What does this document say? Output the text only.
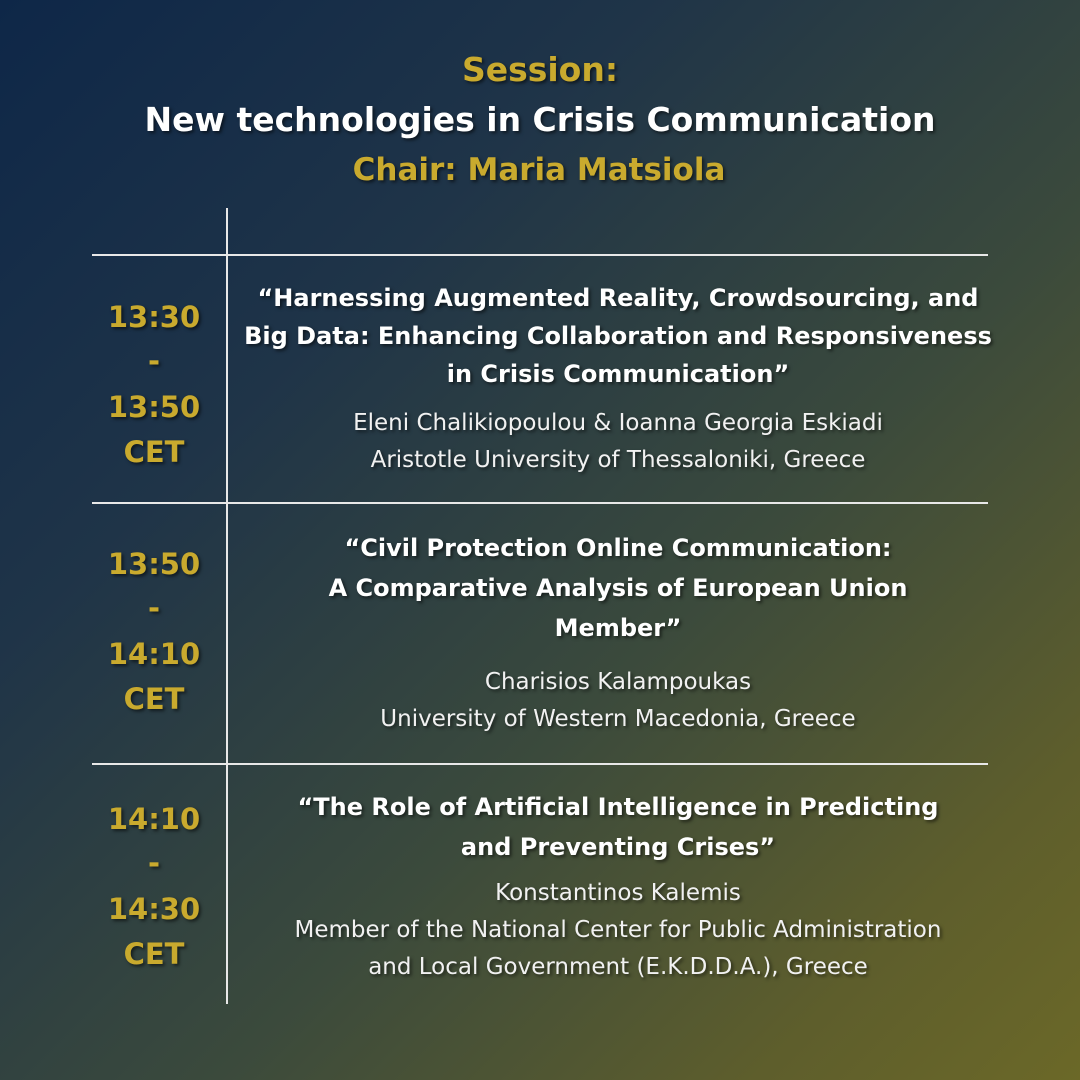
Session:
New technologies in Crisis Communication
Chair: Maria Matsiola
13:30
-
13:50
CET
“Harnessing Augmented Reality, Crowdsourcing, and
Big Data: Enhancing Collaboration and Responsiveness
in Crisis Communication”
Eleni Chalikiopoulou & Ioanna Georgia Eskiadi
Aristotle University of Thessaloniki, Greece
13:50
-
14:10
CET
“Civil Protection Online Communication:
A Comparative Analysis of European Union
Member”
Charisios Kalampoukas
University of Western Macedonia, Greece
14:10
-
14:30
CET
“The Role of Artificial Intelligence in Predicting
and Preventing Crises”
Konstantinos Kalemis
Member of the National Center for Public Administration
and Local Government (E.K.D.D.A.), Greece
